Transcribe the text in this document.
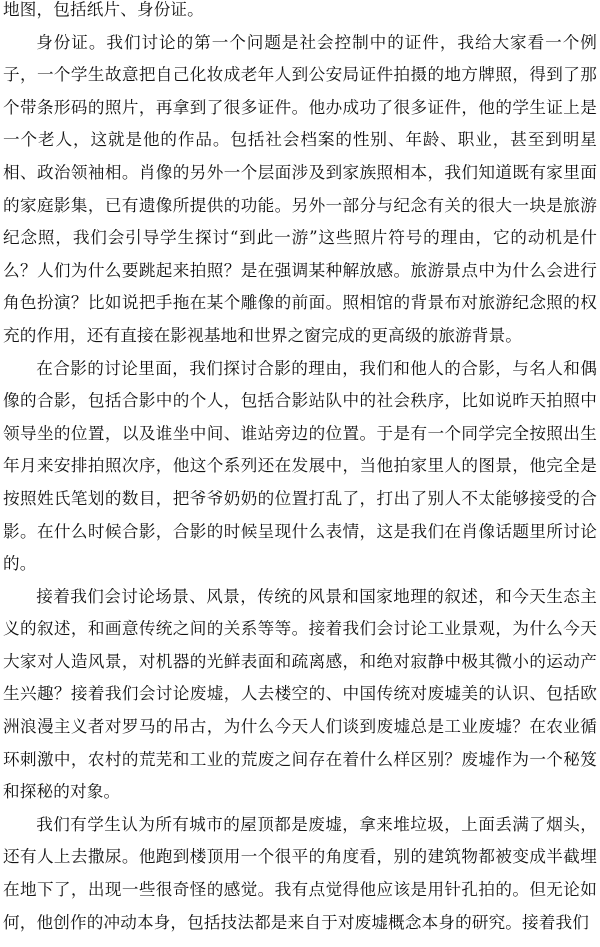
地图，包括纸片、身份证。

身份证。我们讨论的第一个问题是社会控制中的证件，我给大家看一个例子，一个学生故意把自己化妆成老年人到公安局证件拍摄的地方牌照，得到了那个带条形码的照片，再拿到了很多证件。他办成功了很多证件，他的学生证上是一个老人，这就是他的作品。包括社会档案的性别、年龄、职业，甚至到明星相、政治领袖相。肖像的另外一个层面涉及到家族照相本，我们知道既有家里面的家庭影集，已有遗像所提供的功能。另外一部分与纪念有关的很大一块是旅游纪念照，我们会引导学生探讨“到此一游”这些照片符号的理由，它的动机是什么？人们为什么要跳起来拍照？是在强调某种解放感。旅游景点中为什么会进行角色扮演？比如说把手拖在某个雕像的前面。照相馆的背景布对旅游纪念照的权充的作用，还有直接在影视基地和世界之窗完成的更高级的旅游背景。

在合影的讨论里面，我们探讨合影的理由，我们和他人的合影，与名人和偶像的合影，包括合影中的个人，包括合影站队中的社会秩序，比如说昨天拍照中领导坐的位置，以及谁坐中间、谁站旁边的位置。于是有一个同学完全按照出生年月来安排拍照次序，他这个系列还在发展中，当他拍家里人的图景，他完全是按照姓氏笔划的数目，把爷爷奶奶的位置打乱了，打出了别人不太能够接受的合影。在什么时候合影，合影的时候呈现什么表情，这是我们在肖像话题里所讨论的。

接着我们会讨论场景、风景，传统的风景和国家地理的叙述，和今天生态主义的叙述，和画意传统之间的关系等等。接着我们会讨论工业景观，为什么今天大家对人造风景，对机器的光鲜表面和疏离感，和绝对寂静中极其微小的运动产生兴趣？接着我们会讨论废墟，人去楼空的、中国传统对废墟美的认识、包括欧洲浪漫主义者对罗马的吊古，为什么今天人们谈到废墟总是工业废墟？在农业循环刺激中，农村的荒芜和工业的荒废之间存在着什么样区别？废墟作为一个秘笈和探秘的对象。

我们有学生认为所有城市的屋顶都是废墟，拿来堆垃圾，上面丢满了烟头，还有人上去撒尿。他跑到楼顶用一个很平的角度看，别的建筑物都被变成半截埋在地下了，出现一些很奇怪的感觉。我有点觉得他应该是用针孔拍的。但无论如何，他创作的冲动本身，包括技法都是来自于对废墟概念本身的研究。接着我们
